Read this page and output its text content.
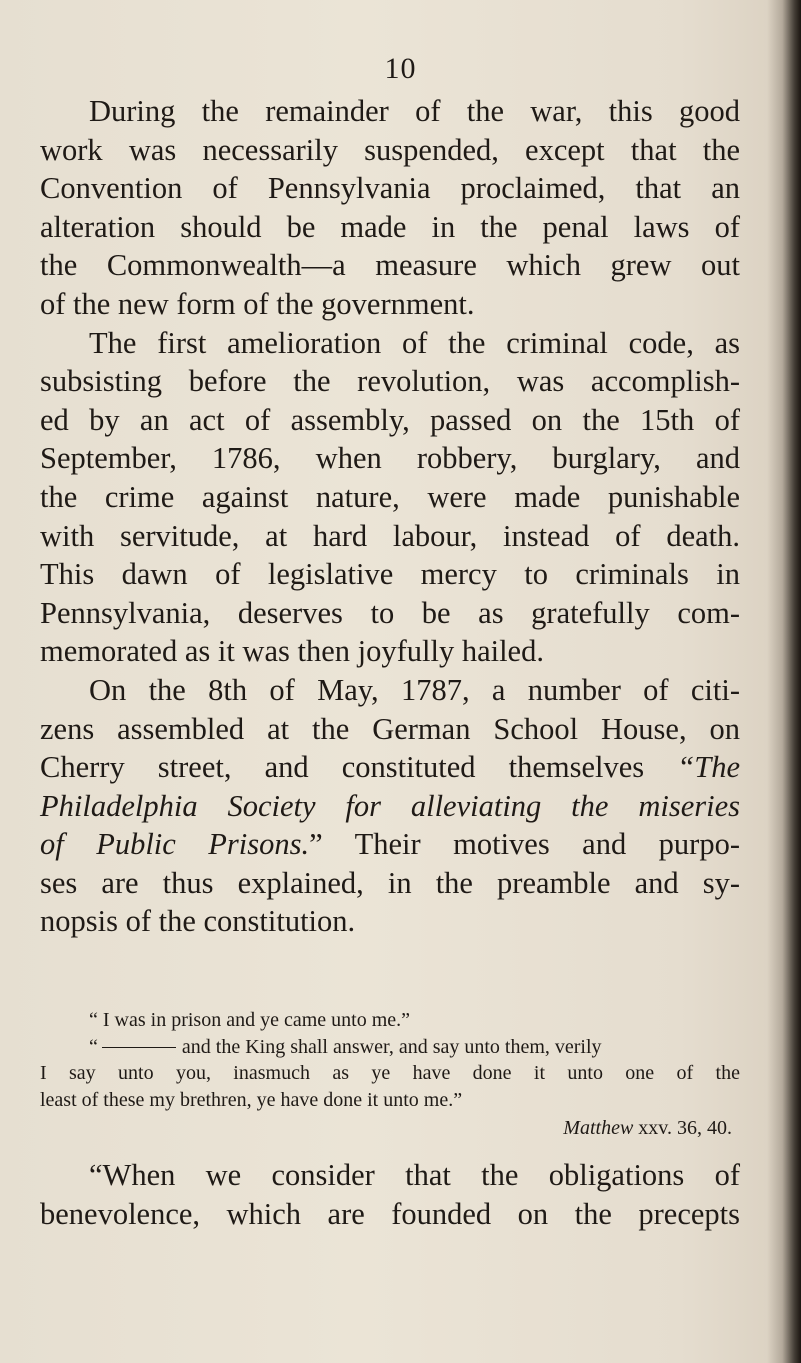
10
During the remainder of the war, this good
work was necessarily suspended, except that the
Convention of Pennsylvania proclaimed, that an
alteration should be made in the penal laws of
the Commonwealth—a measure which grew out
of the new form of the government.
The first amelioration of the criminal code, as
subsisting before the revolution, was accomplish-
ed by an act of assembly, passed on the 15th of
September, 1786, when robbery, burglary, and
the crime against nature, were made punishable
with servitude, at hard labour, instead of death.
This dawn of legislative mercy to criminals in
Pennsylvania, deserves to be as gratefully com-
memorated as it was then joyfully hailed.
On the 8th of May, 1787, a number of citi-
zens assembled at the German School House, on
Cherry street, and constituted themselves “The
Philadelphia Society for alleviating the miseries
of Public Prisons.” Their motives and purpo-
ses are thus explained, in the preamble and sy-
nopsis of the constitution.
“ I was in prison and ye came unto me.”
“	and the King shall answer, and say unto them, verily
I say unto you, inasmuch as ye have done it unto one of the
least of these my brethren, ye have done it unto me.”
Matthew xxv. 36, 40.
“When we consider that the obligations of
benevolence, which are founded on the precepts
